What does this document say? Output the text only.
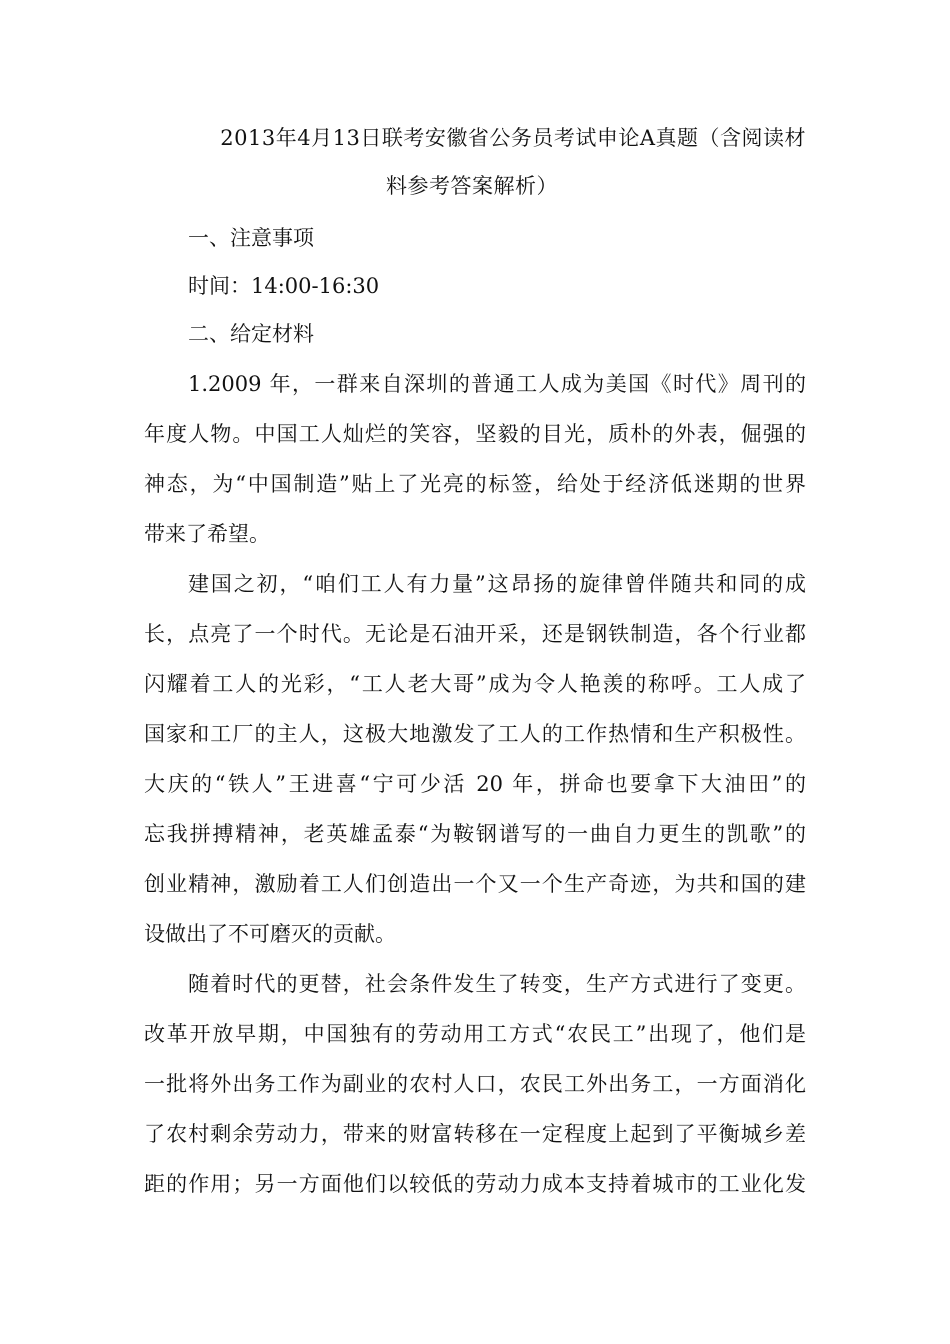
2013年4月13日联考安徽省公务员考试申论A真题（含阅读材
料参考答案解析）
一、注意事项
时间：14:00-16:30
二、给定材料
1.2009 年，一群来自深圳的普通工人成为美国《时代》周刊的
年度人物。中国工人灿烂的笑容，坚毅的目光，质朴的外表，倔强的
神态，为“中国制造”贴上了光亮的标签，给处于经济低迷期的世界
带来了希望。
建国之初，“咱们工人有力量”这昂扬的旋律曾伴随共和同的成
长，点亮了一个时代。无论是石油开采，还是钢铁制造，各个行业都
闪耀着工人的光彩，“工人老大哥”成为令人艳羡的称呼。工人成了
国家和工厂的主人，这极大地激发了工人的工作热情和生产积极性。
大庆的“铁人”王进喜“宁可少活 20 年，拼命也要拿下大油田”的
忘我拼搏精神，老英雄孟泰“为鞍钢谱写的一曲自力更生的凯歌”的
创业精神，激励着工人们创造出一个又一个生产奇迹，为共和国的建
设做出了不可磨灭的贡献。
随着时代的更替，社会条件发生了转变，生产方式进行了变更。
改革开放早期，中国独有的劳动用工方式“农民工”出现了，他们是
一批将外出务工作为副业的农村人口，农民工外出务工，一方面消化
了农村剩余劳动力，带来的财富转移在一定程度上起到了平衡城乡差
距的作用；另一方面他们以较低的劳动力成本支持着城市的工业化发
